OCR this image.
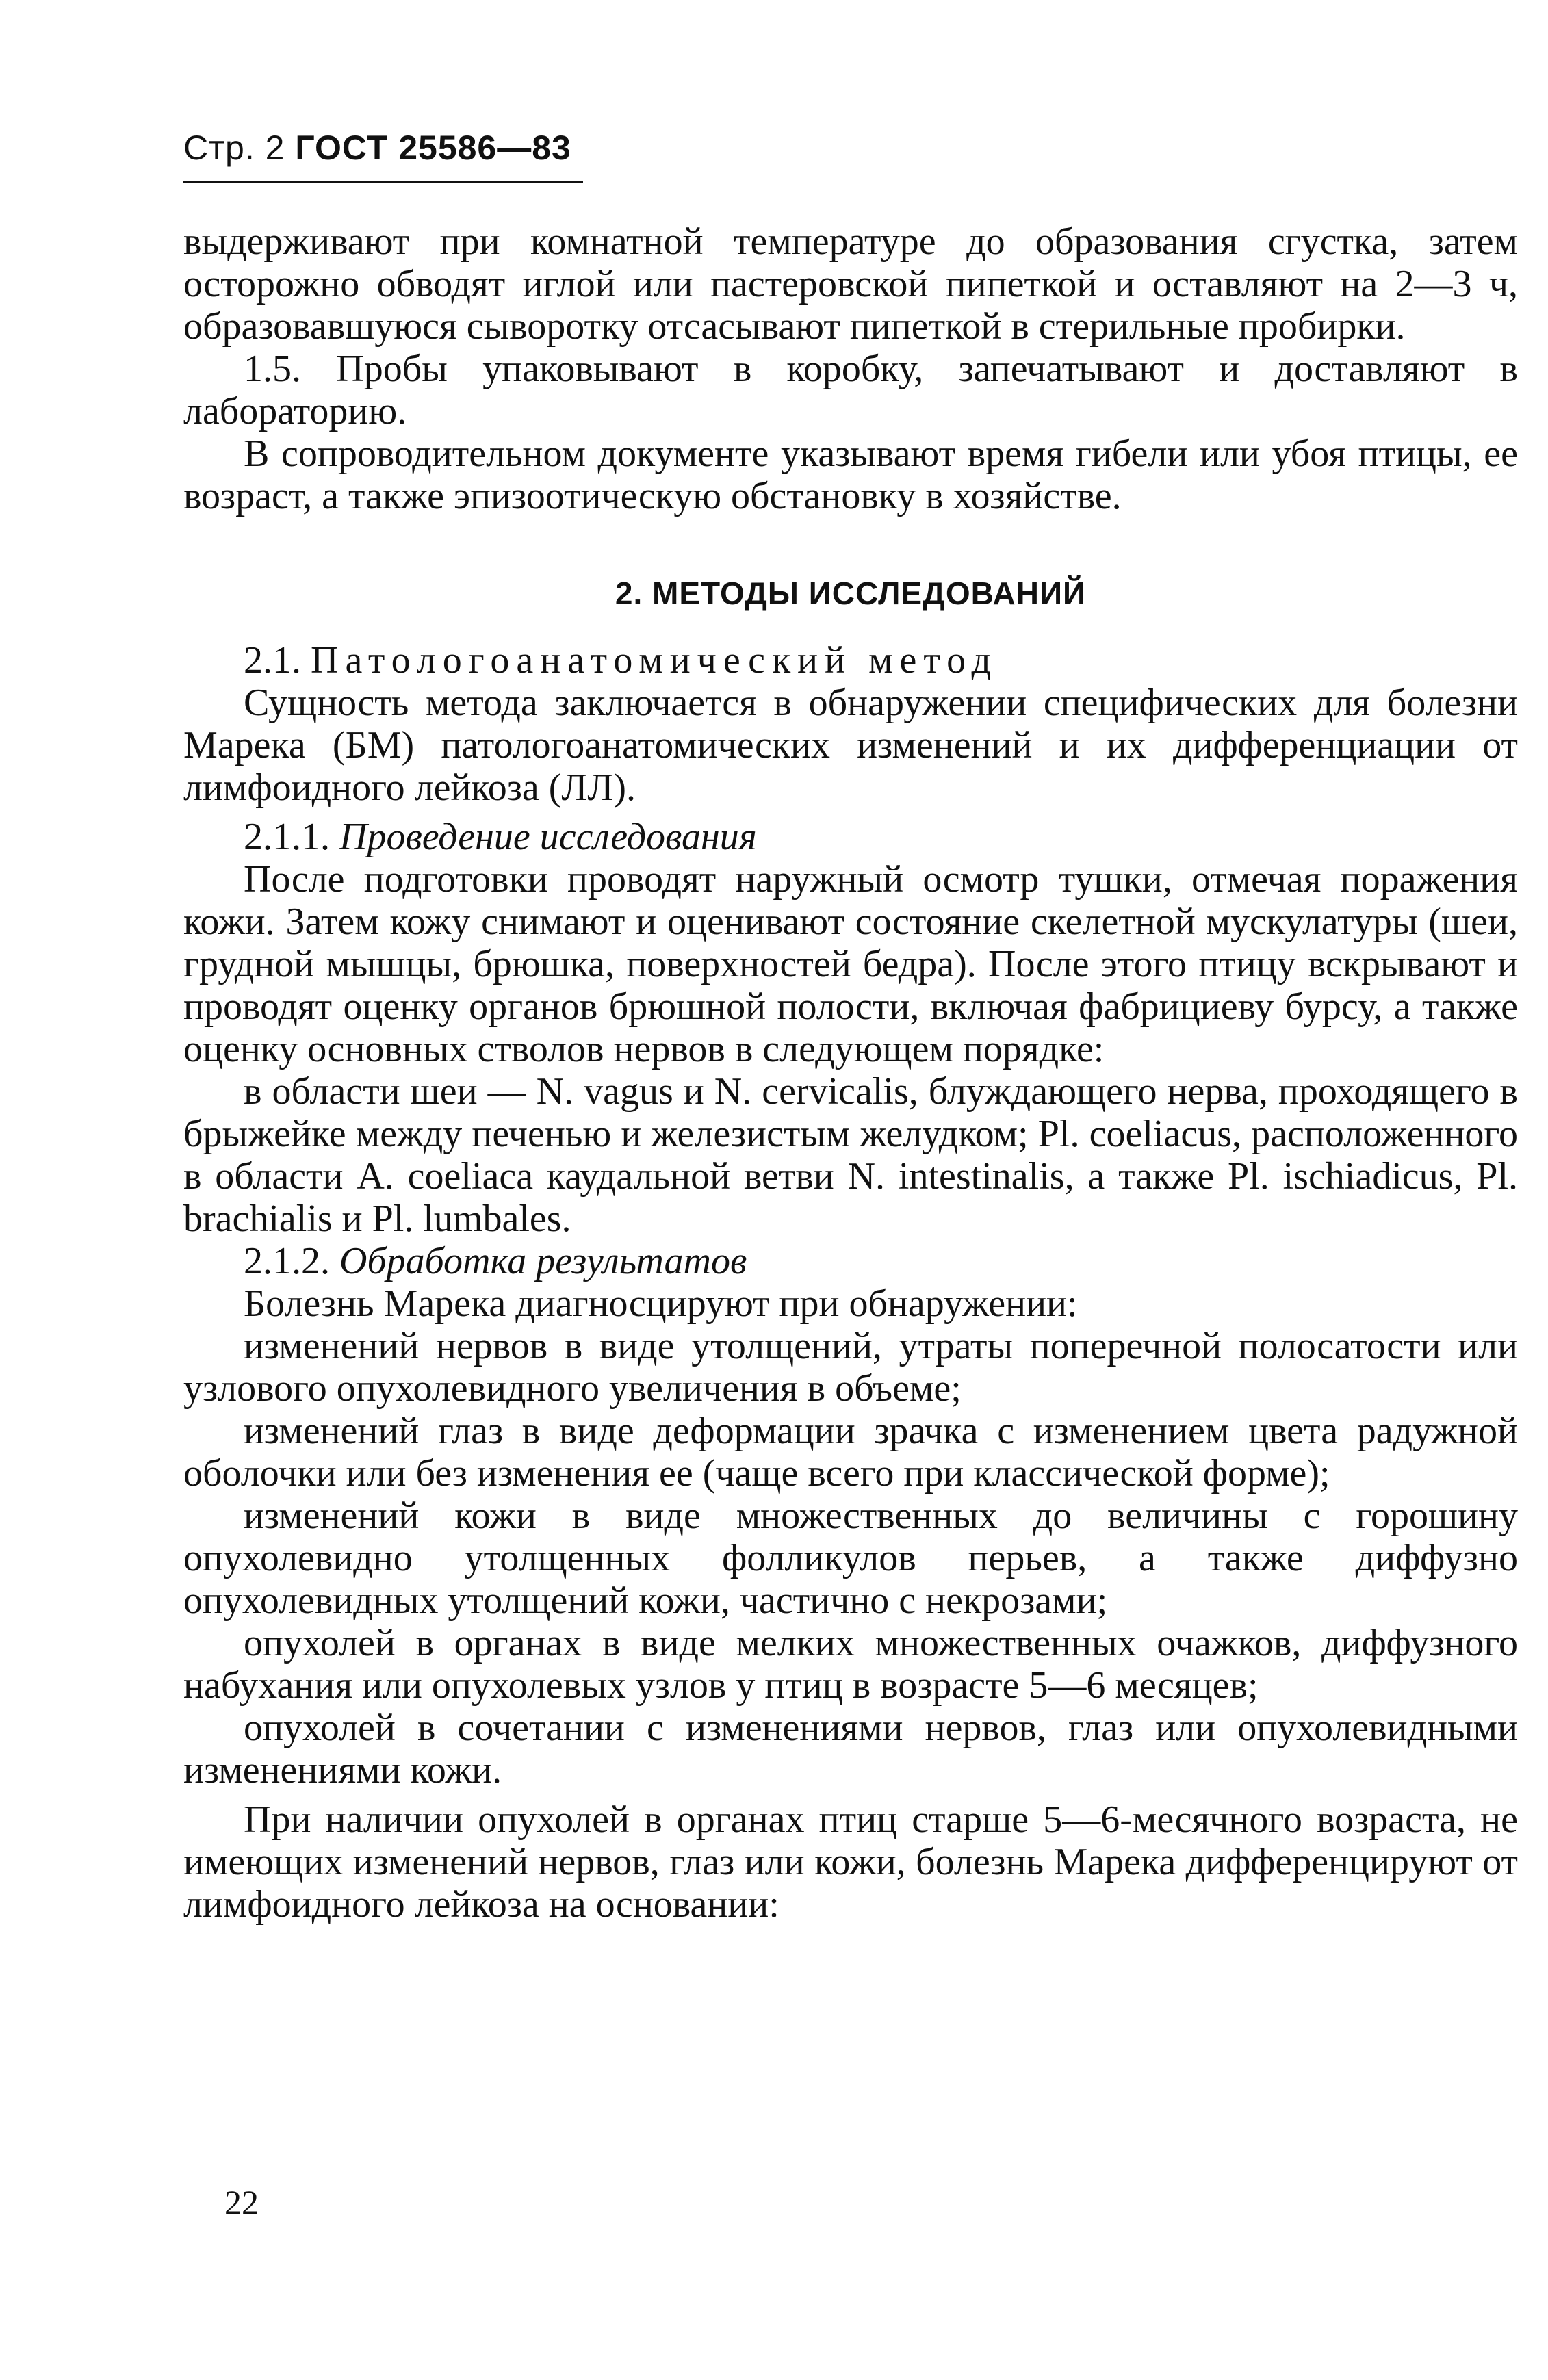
Стр. 2 ГОСТ 25586—83

выдерживают при комнатной температуре до образования сгустка, затем осторожно обводят иглой или пастеровской пипеткой и оставляют на 2—3 ч, образовавшуюся сыворотку отсасывают пипеткой в стерильные пробирки.

1.5. Пробы упаковывают в коробку, запечатывают и доставляют в лабораторию.

В сопроводительном документе указывают время гибели или убоя птицы, ее возраст, а также эпизоотическую обстановку в хозяйстве.

2. МЕТОДЫ ИССЛЕДОВАНИЙ

2.1. Патологоанатомический метод

Сущность метода заключается в обнаружении специфических для болезни Марека (БМ) патологоанатомических изменений и их дифференциации от лимфоидного лейкоза (ЛЛ).

2.1.1. Проведение исследования

После подготовки проводят наружный осмотр тушки, отмечая поражения кожи. Затем кожу снимают и оценивают состояние скелетной мускулатуры (шеи, грудной мышцы, брюшка, поверхностей бедра). После этого птицу вскрывают и проводят оценку органов брюшной полости, включая фабрициеву бурсу, а также оценку основных стволов нервов в следующем порядке:

в области шеи — N. vagus и N. cervicalis, блуждающего нерва, проходящего в брыжейке между печенью и железистым желудком; Pl. coeliacus, расположенного в области A. coeliaca каудальной ветви N. intestinalis, а также Pl. ischiadicus, Pl. brachialis и Pl. lumbales.

2.1.2. Обработка результатов

Болезнь Марека диагносцируют при обнаружении:

изменений нервов в виде утолщений, утраты поперечной полосатости или узлового опухолевидного увеличения в объеме;

изменений глаз в виде деформации зрачка с изменением цвета радужной оболочки или без изменения ее (чаще всего при классической форме);

изменений кожи в виде множественных до величины с горошину опухолевидно утолщенных фолликулов перьев, а также диффузно опухолевидных утолщений кожи, частично с некрозами;

опухолей в органах в виде мелких множественных очажков, диффузного набухания или опухолевых узлов у птиц в возрасте 5—6 месяцев;

опухолей в сочетании с изменениями нервов, глаз или опухолевидными изменениями кожи.

При наличии опухолей в органах птиц старше 5—6-месячного возраста, не имеющих изменений нервов, глаз или кожи, болезнь Марека дифференцируют от лимфоидного лейкоза на основании:

22
